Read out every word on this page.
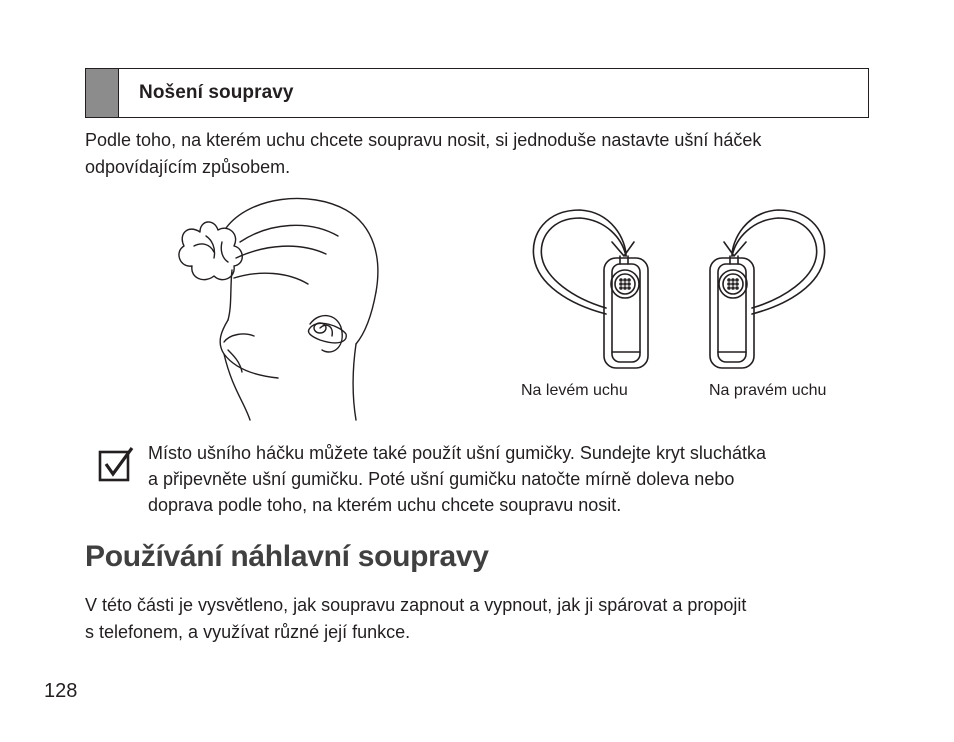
Nošení soupravy

Podle toho, na kterém uchu chcete soupravu nosit, si jednoduše nastavte ušní háček
odpovídajícím způsobem.

Na levém uchu	Na pravém uchu

Místo ušního háčku můžete také použít ušní gumičky. Sundejte kryt sluchátka
a připevněte ušní gumičku. Poté ušní gumičku natočte mírně doleva nebo
doprava podle toho, na kterém uchu chcete soupravu nosit.

Používání náhlavní soupravy

V této části je vysvětleno, jak soupravu zapnout a vypnout, jak ji spárovat a propojit
s telefonem, a využívat různé její funkce.

128
